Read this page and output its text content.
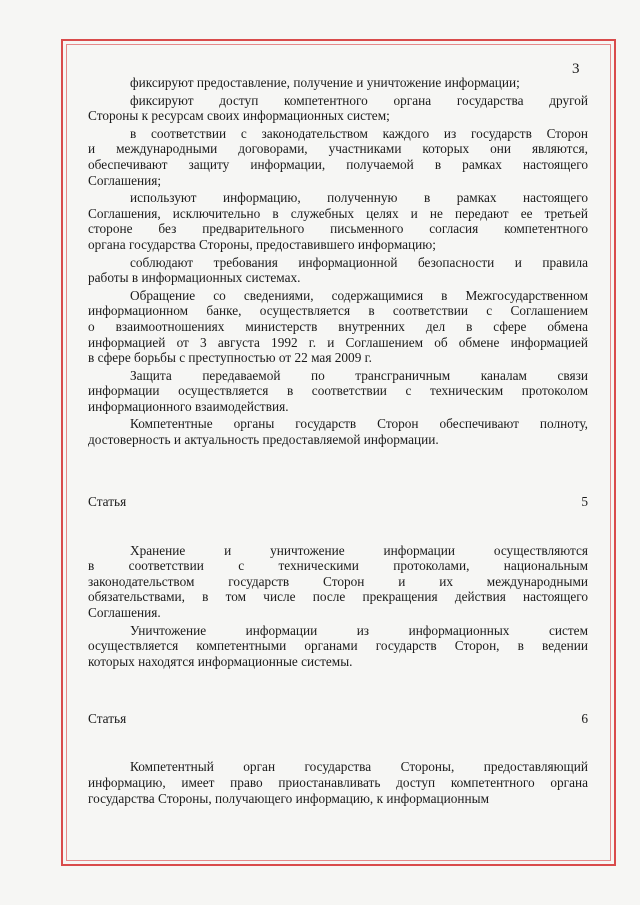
3

фиксируют предоставление, получение и уничтожение информации;

фиксируют доступ компетентного органа государства другой

Стороны к ресурсам своих информационных систем;

в соответствии с законодательством каждого из государств Сторон

и международными договорами, участниками которых они являются,

обеспечивают защиту информации, получаемой в рамках настоящего

Соглашения;

используют информацию, полученную в рамках настоящего

Соглашения, исключительно в служебных целях и не передают ее третьей

стороне без предварительного письменного согласия компетентного

органа государства Стороны, предоставившего информацию;

соблюдают требования информационной безопасности и правила

работы в информационных системах.

Обращение со сведениями, содержащимися в Межгосударственном

информационном банке, осуществляется в соответствии с Соглашением

о взаимоотношениях министерств внутренних дел в сфере обмена

информацией от 3 августа 1992 г. и Соглашением об обмене информацией

в сфере борьбы с преступностью от 22 мая 2009 г.

Защита передаваемой по трансграничным каналам связи

информации осуществляется в соответствии с техническим протоколом

информационного взаимодействия.

Компетентные органы государств Сторон обеспечивают полноту,

достоверность и актуальность предоставляемой информации.

Статья 5

Хранение и уничтожение информации осуществляются

в соответствии с техническими протоколами, национальным

законодательством государств Сторон и их международными

обязательствами, в том числе после прекращения действия настоящего

Соглашения.

Уничтожение информации из информационных систем

осуществляется компетентными органами государств Сторон, в ведении

которых находятся информационные системы.

Статья 6

Компетентный орган государства Стороны, предоставляющий

информацию, имеет право приостанавливать доступ компетентного органа

государства Стороны, получающего информацию, к информационным
